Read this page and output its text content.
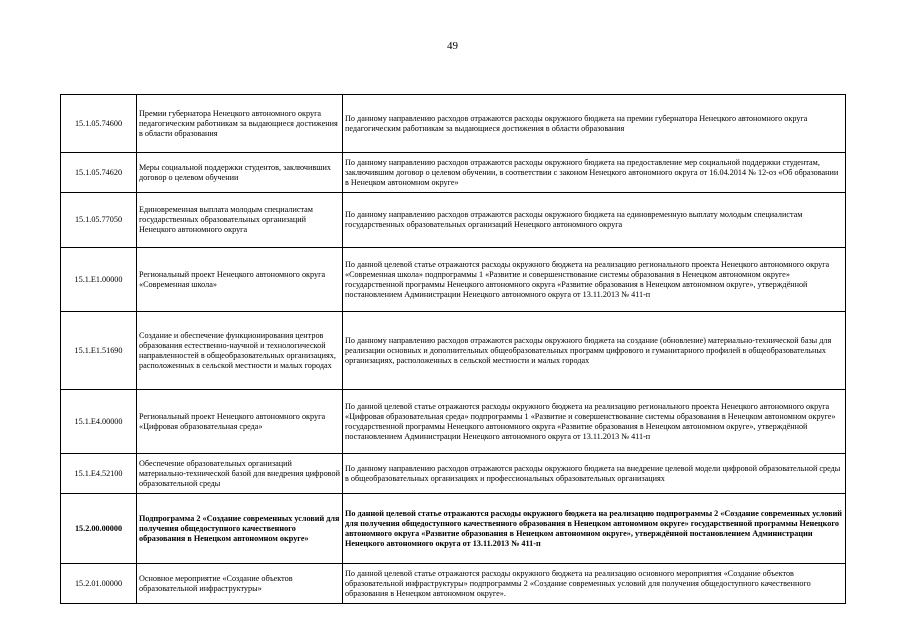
49
15.1.05.74600	Премии губернатора Ненецкого автономного округа педагогическим работникам за выдающиеся достижения в области образования	По данному направлению расходов отражаются расходы окружного бюджета на премии губернатора Ненецкого автономного округа педагогическим работникам за выдающиеся достижения в области образования
15.1.05.74620	Меры социальной поддержки студентов, заключивших договор о целевом обучении	По данному направлению расходов отражаются расходы окружного бюджета на предоставление мер социальной поддержки студентам, заключившим договор о целевом обучении, в соответствии с законом Ненецкого автономного округа от 16.04.2014 № 12-оз «Об образовании в Ненецком автономном округе»
15.1.05.77050	Единовременная выплата молодым специалистам государственных образовательных организаций Ненецкого автономного округа	По данному направлению расходов отражаются расходы окружного бюджета на единовременную выплату молодым специалистам государственных образовательных организаций Ненецкого автономного округа
15.1.E1.00000	Региональный проект Ненецкого автономного округа «Современная школа»	По данной целевой статье отражаются расходы окружного бюджета на реализацию регионального проекта Ненецкого автономного округа «Современная школа» подпрограммы 1 «Развитие и совершенствование системы образования в Ненецком автономном округе» государственной программы Ненецкого автономного округа «Развитие образования в Ненецком автономном округе», утверждённой постановлением Администрации Ненецкого автономного округа от 13.11.2013 № 411-п
15.1.E1.51690	Создание и обеспечение функционирования центров образования естественно-научной и технологической направленностей в общеобразовательных организациях, расположенных в сельской местности и малых городах	По данному направлению расходов отражаются расходы окружного бюджета на создание (обновление) материально-технической базы для реализации основных и дополнительных общеобразовательных программ цифрового и гуманитарного профилей в общеобразовательных организациях, расположенных в сельской местности и малых городах
15.1.E4.00000	Региональный проект Ненецкого автономного округа «Цифровая образовательная среда»	По данной целевой статье отражаются расходы окружного бюджета на реализацию регионального проекта Ненецкого автономного округа «Цифровая образовательная среда» подпрограммы 1 «Развитие и совершенствование системы образования в Ненецком автономном округе» государственной программы Ненецкого автономного округа «Развитие образования в Ненецком автономном округе», утверждённой постановлением Администрации Ненецкого автономного округа от 13.11.2013 № 411-п
15.1.E4.52100	Обеспечение образовательных организаций материально-технической базой для внедрения цифровой образовательной среды	По данному направлению расходов отражаются расходы окружного бюджета на внедрение целевой модели цифровой образовательной среды в общеобразовательных организациях и профессиональных образовательных организациях
15.2.00.00000	Подпрограмма 2 «Создание современных условий для получения общедоступного качественного образования в Ненецком автономном округе»	По данной целевой статье отражаются расходы окружного бюджета на реализацию подпрограммы 2 «Создание современных условий для получения общедоступного качественного образования в Ненецком автономном округе» государственной программы Ненецкого автономного округа «Развитие образования в Ненецком автономном округе», утверждённой постановлением Администрации Ненецкого автономного округа от 13.11.2013 № 411-п
15.2.01.00000	Основное мероприятие «Создание объектов образовательной инфраструктуры»	По данной целевой статье отражаются расходы окружного бюджета на реализацию основного мероприятия «Создание объектов образовательной инфраструктуры» подпрограммы 2 «Создание современных условий для получения общедоступного качественного образования в Ненецком автономном округе».
